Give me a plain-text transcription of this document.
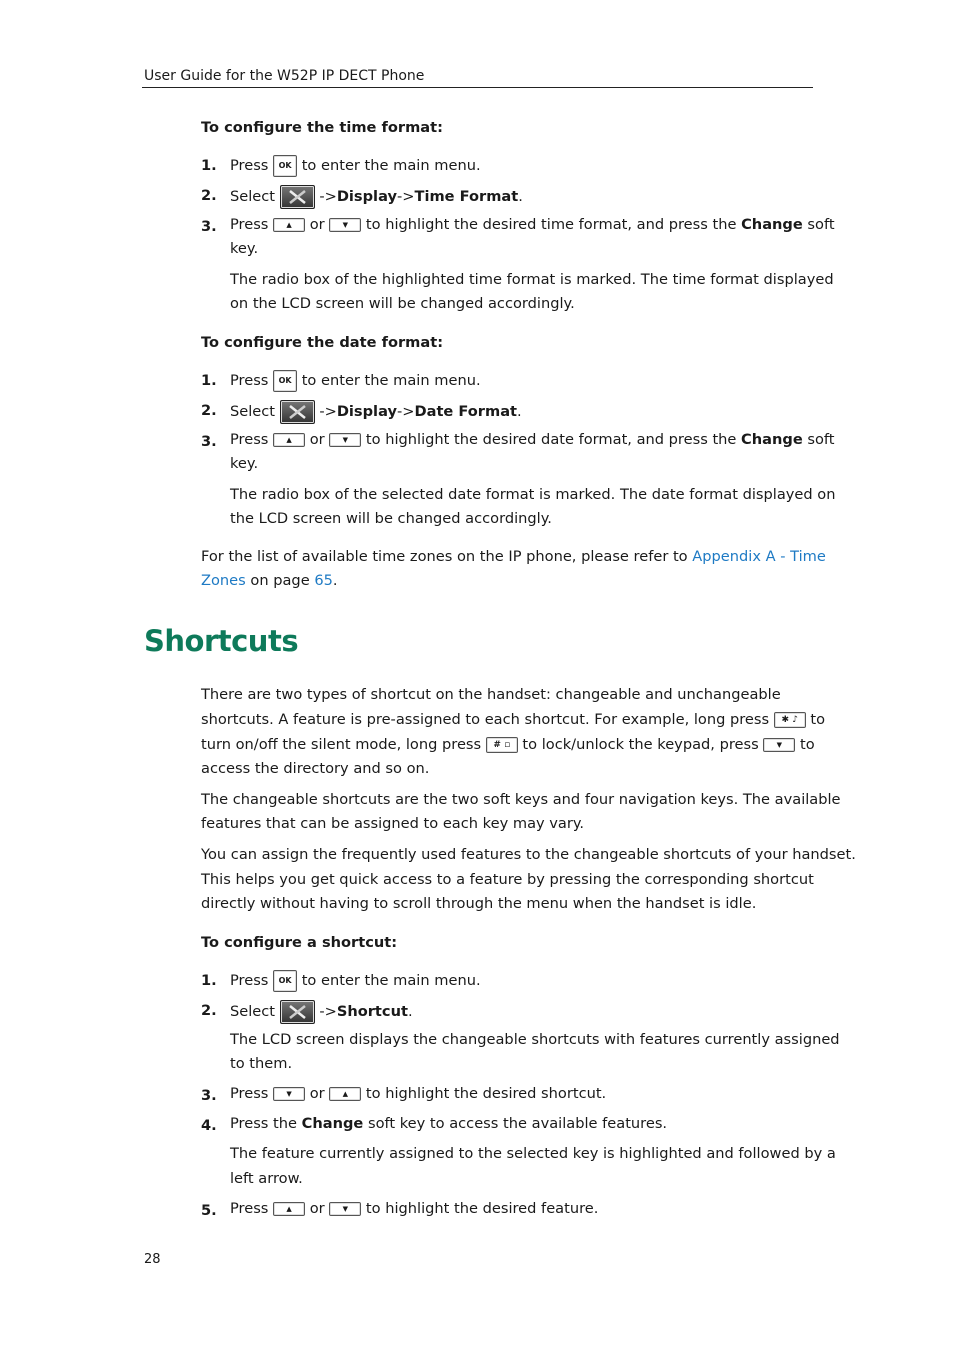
User Guide for the W52P IP DECT Phone
To configure the time format:
1. Press OK to enter the main menu.
2. Select	->Display->Time Format.
3. Press	▲ or	▼ to highlight the desired time format, and press the Change soft
key.
The radio box of the highlighted time format is marked. The time format displayed
on the LCD screen will be changed accordingly.
To configure the date format:
1. Press OK to enter the main menu.
2. Select	->Display->Date Format.
3. Press	▲ or	▼ to highlight the desired date format, and press the Change soft
key.
The radio box of the selected date format is marked. The date format displayed on
the LCD screen will be changed accordingly.
For the list of available time zones on the IP phone, please refer to Appendix A - Time
Zones on page 65.
Shortcuts
There are two types of shortcut on the handset: changeable and unchangeable
shortcuts. A feature is pre-assigned to each shortcut. For example, long press ✱ ♪ to
turn on/off the silent mode, long press # ▫ to lock/unlock the keypad, press	▼ to
access the directory and so on.
The changeable shortcuts are the two soft keys and four navigation keys. The available
features that can be assigned to each key may vary.
You can assign the frequently used features to the changeable shortcuts of your handset.
This helps you get quick access to a feature by pressing the corresponding shortcut
directly without having to scroll through the menu when the handset is idle.
To configure a shortcut:
1. Press OK to enter the main menu.
2. Select	->Shortcut.
The LCD screen displays the changeable shortcuts with features currently assigned
to them.
3. Press	▼ or	▲ to highlight the desired shortcut.
4. Press the Change soft key to access the available features.
The feature currently assigned to the selected key is highlighted and followed by a
left arrow.
5. Press	▲ or	▼ to highlight the desired feature.
28
